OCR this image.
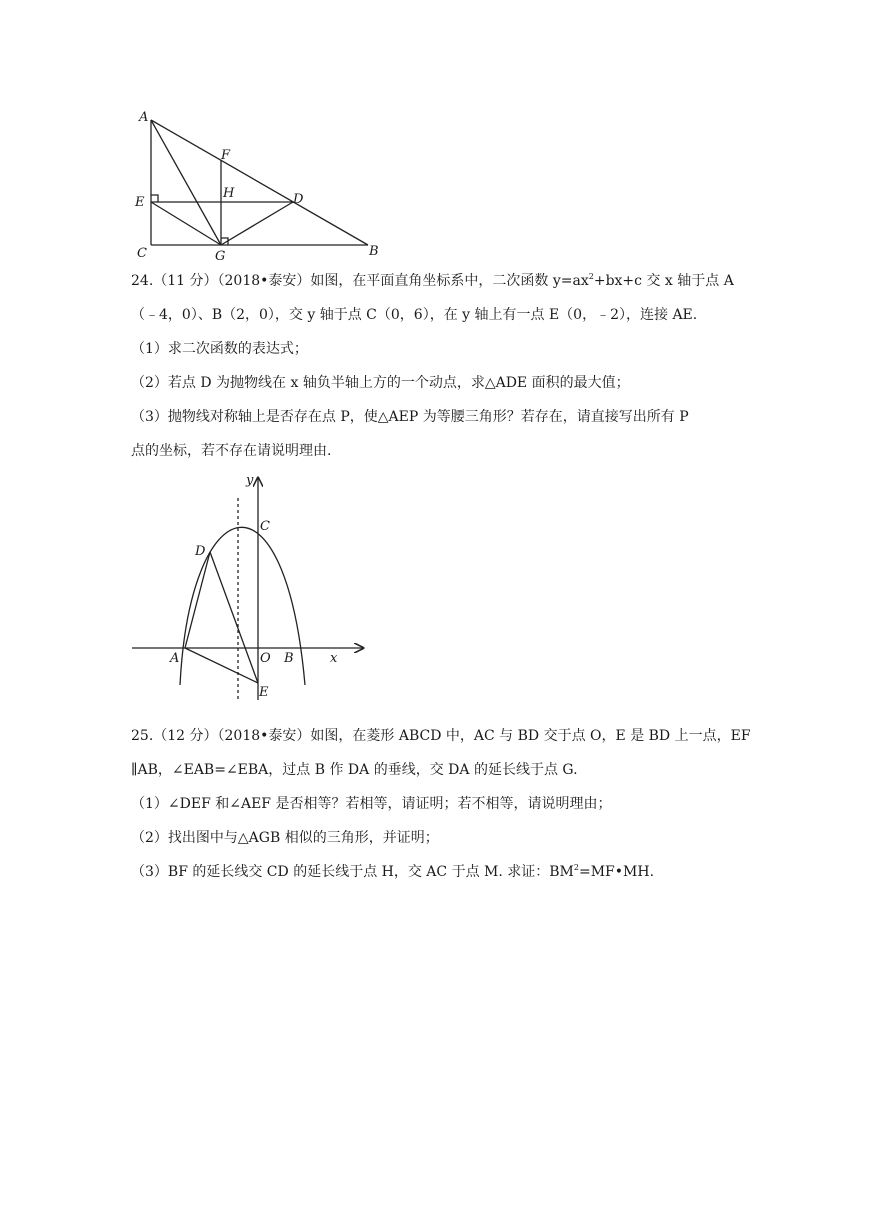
A
F
H	D
E
C	G	B
24.（11 分）（2018•泰安）如图，在平面直角坐标系中，二次函数 $y=ax^2+bx+c$ 交 x 轴于点 A
（﹣4，0）、B（2，0），交 y 轴于点 C（0，6），在 y 轴上有一点 E（0，﹣2），连接 AE.
（1）求二次函数的表达式；
（2）若点 D 为抛物线在 x 轴负半轴上方的一个动点，求△ADE 面积的最大值；
（3）抛物线对称轴上是否存在点 P，使△AEP 为等腰三角形？若存在，请直接写出所有 P
点的坐标，若不存在请说明理由.
y
x
C
D
A	O B
E
25.（12 分）（2018•泰安）如图，在菱形 ABCD 中，AC 与 BD 交于点 O，E 是 BD 上一点，EF
∥AB，∠EAB=∠EBA，过点 B 作 DA 的垂线，交 DA 的延长线于点 G.
（1）∠DEF 和∠AEF 是否相等？若相等，请证明；若不相等，请说明理由；
（2）找出图中与△AGB 相似的三角形，并证明；
（3）BF 的延长线交 CD 的延长线于点 H，交 AC 于点 M. 求证：$BM^2=MF•MH$.
